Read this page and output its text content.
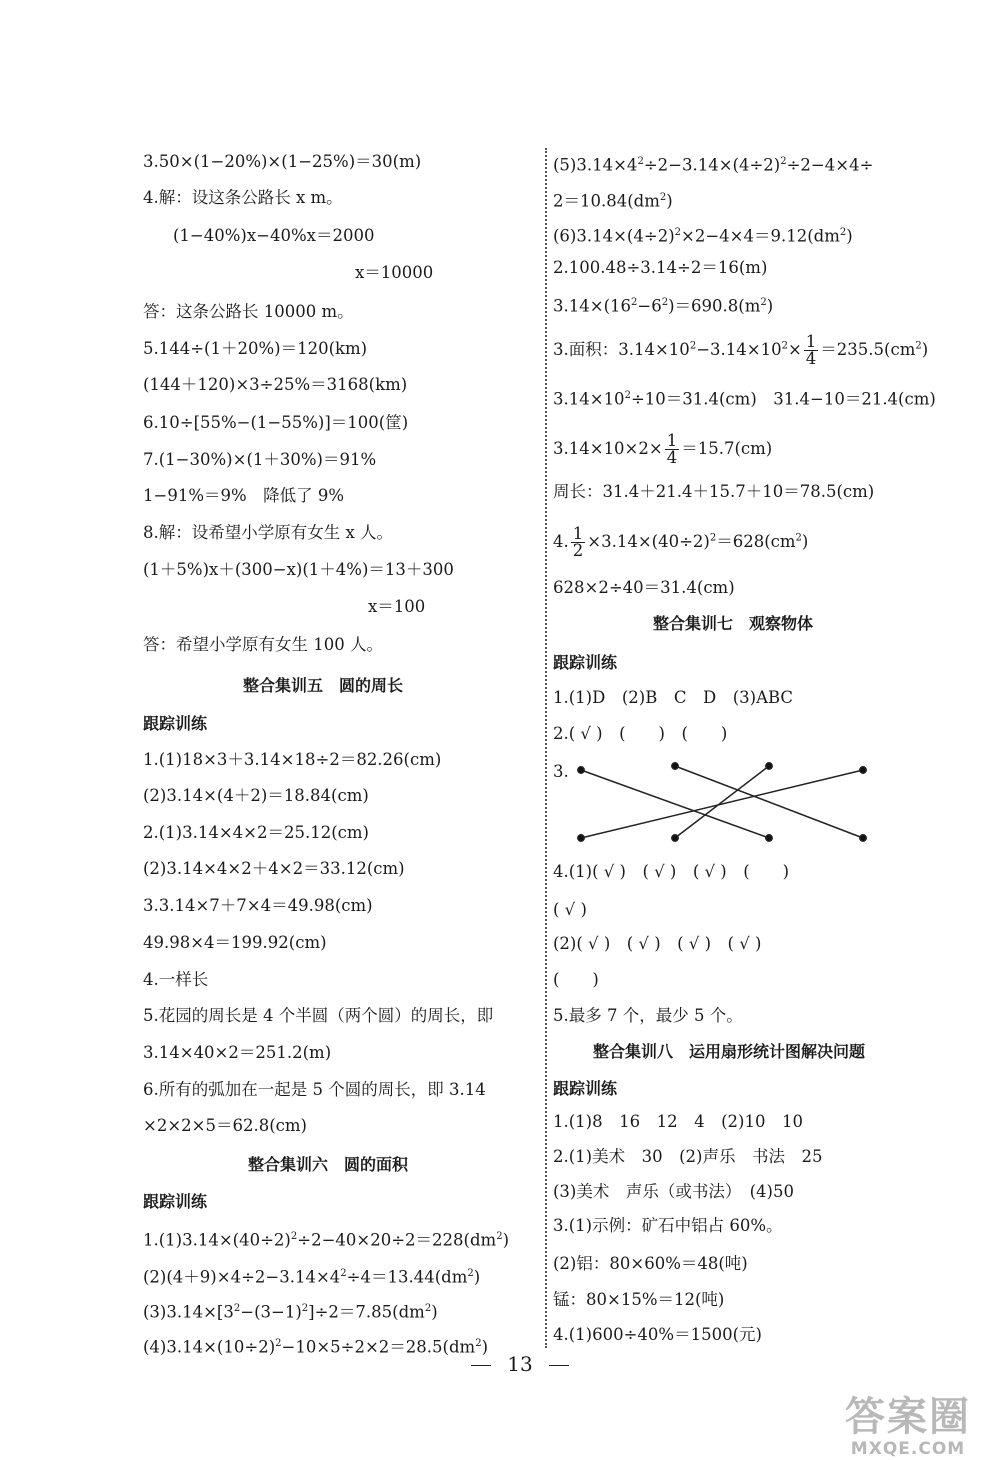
3.50×(1−20%)×(1−25%)＝30(m)
4.解：设这条公路长 x m。
(1−40%)x−40%x＝2000
x＝10000
答：这条公路长 10000 m。
5.144÷(1＋20%)＝120(km)
(144＋120)×3÷25%＝3168(km)
6.10÷[55%−(1−55%)]＝100(筐)
7.(1−30%)×(1＋30%)＝91%
1−91%＝9%　降低了 9%
8.解：设希望小学原有女生 x 人。
(1＋5%)x＋(300−x)(1＋4%)＝13＋300
x＝100
答：希望小学原有女生 100 人。
整合集训五　圆的周长
跟踪训练
1.(1)18×3＋3.14×18÷2＝82.26(cm)
(2)3.14×(4＋2)＝18.84(cm)
2.(1)3.14×4×2＝25.12(cm)
(2)3.14×4×2＋4×2＝33.12(cm)
3.3.14×7＋7×4＝49.98(cm)
49.98×4＝199.92(cm)
4.一样长
5.花园的周长是 4 个半圆（两个圆）的周长，即
3.14×40×2＝251.2(m)
6.所有的弧加在一起是 5 个圆的周长，即 3.14
×2×2×5＝62.8(cm)
整合集训六　圆的面积
跟踪训练
$1.(1)3.14\times(40\div 2)^2\div 2-40\times 20\div 2=228(dm^2)$
$(2)(4+9)\times 4\div 2-3.14\times 4^2\div 4=13.44(dm^2)$
$(3)3.14\times[3^2-(3-1)^2]\div 2=7.85(dm^2)$
$(4)3.14\times(10\div 2)^2-10\times 5\div 2\times 2=28.5(dm^2)$
$(5)3.14\times 4^2\div 2-3.14\times(4\div 2)^2\div 2-4\times 4\div$
$2=10.84(dm^2)$
$(6)3.14\times(4\div 2)^2\times 2-4\times 4=9.12(dm^2)$
2.100.48÷3.14÷2＝16(m)
$3.14\times(16^2-6^2)=690.8(m^2)$
3.面积：$3.14\times 10^2-3.14\times 10^2\times \frac{1}{4} =235.5(cm^2)$
$3.14\times 10^2\div 10=31.4(cm)$　31.4−10＝21.4(cm)
$3.14\times 10\times 2\times \frac{1}{4} =15.7(cm)$
周长：31.4＋21.4＋15.7＋10＝78.5(cm)
4. $\frac{1}{2} \times 3.14\times(40\div 2)^2=628(cm^2)$
628×2÷40＝31.4(cm)
整合集训七　观察物体
跟踪训练
1.(1)D　(2)B　C　D　(3)ABC
2.( √ )　(　　)　(　　)
3.
4.(1)( √ )　( √ )　( √ )　(　　)
( √ )
(2)( √ )　( √ )　( √ )　( √ )
(　　)
5.最多 7 个，最少 5 个。
整合集训八　运用扇形统计图解决问题
跟踪训练
1.(1)8　16　12　4　(2)10　10
2.(1)美术　30　(2)声乐　书法　25
(3)美术　声乐（或书法）　(4)50
3.(1)示例：矿石中铝占 60%。
(2)铝：80×60%＝48(吨)
锰：80×15%＝12(吨)
4.(1)600÷40%＝1500(元)
13
答案圈
MXQE.COM
